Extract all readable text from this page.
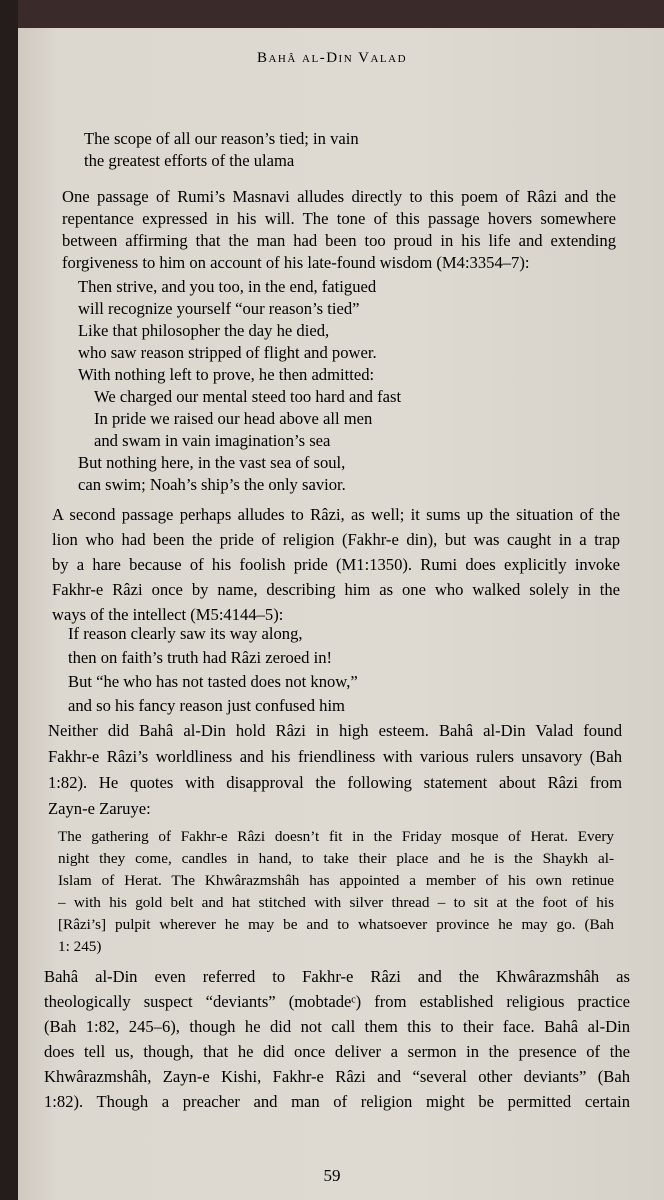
Bahâ al-Din Valad
The scope of all our reason’s tied; in vain
the greatest efforts of the ulama
One passage of Rumi’s Masnavi alludes directly to this poem of Râzi and the
repentance expressed in his will. The tone of this passage hovers somewhere
between affirming that the man had been too proud in his life and extending
forgiveness to him on account of his late-found wisdom (M4:3354–7):
Then strive, and you too, in the end, fatigued
will recognize yourself “our reason’s tied”
Like that philosopher the day he died,
who saw reason stripped of flight and power.
With nothing left to prove, he then admitted:
We charged our mental steed too hard and fast
In pride we raised our head above all men
and swam in vain imagination’s sea
But nothing here, in the vast sea of soul,
can swim; Noah’s ship’s the only savior.
A second passage perhaps alludes to Râzi, as well; it sums up the situation of the
lion who had been the pride of religion (Fakhr-e din), but was caught in a trap
by a hare because of his foolish pride (M1:1350). Rumi does explicitly invoke
Fakhr-e Râzi once by name, describing him as one who walked solely in the
ways of the intellect (M5:4144–5):
If reason clearly saw its way along,
then on faith’s truth had Râzi zeroed in!
But “he who has not tasted does not know,”
and so his fancy reason just confused him
Neither did Bahâ al-Din hold Râzi in high esteem. Bahâ al-Din Valad found
Fakhr-e Râzi’s worldliness and his friendliness with various rulers unsavory (Bah
1:82). He quotes with disapproval the following statement about Râzi from
Zayn-e Zaruye:
The gathering of Fakhr-e Râzi doesn’t fit in the Friday mosque of Herat. Every
night they come, candles in hand, to take their place and he is the Shaykh al-
Islam of Herat. The Khwârazmshâh has appointed a member of his own retinue
– with his gold belt and hat stitched with silver thread – to sit at the foot of his
[Râzi’s] pulpit wherever he may be and to whatsoever province he may go. (Bah
1: 245)
Bahâ al-Din even referred to Fakhr-e Râzi and the Khwârazmshâh as
theologically suspect “deviants” (mobtadeᶜ) from established religious practice
(Bah 1:82, 245–6), though he did not call them this to their face. Bahâ al-Din
does tell us, though, that he did once deliver a sermon in the presence of the
Khwârazmshâh, Zayn-e Kishi, Fakhr-e Râzi and “several other deviants” (Bah
1:82). Though a preacher and man of religion might be permitted certain
59
